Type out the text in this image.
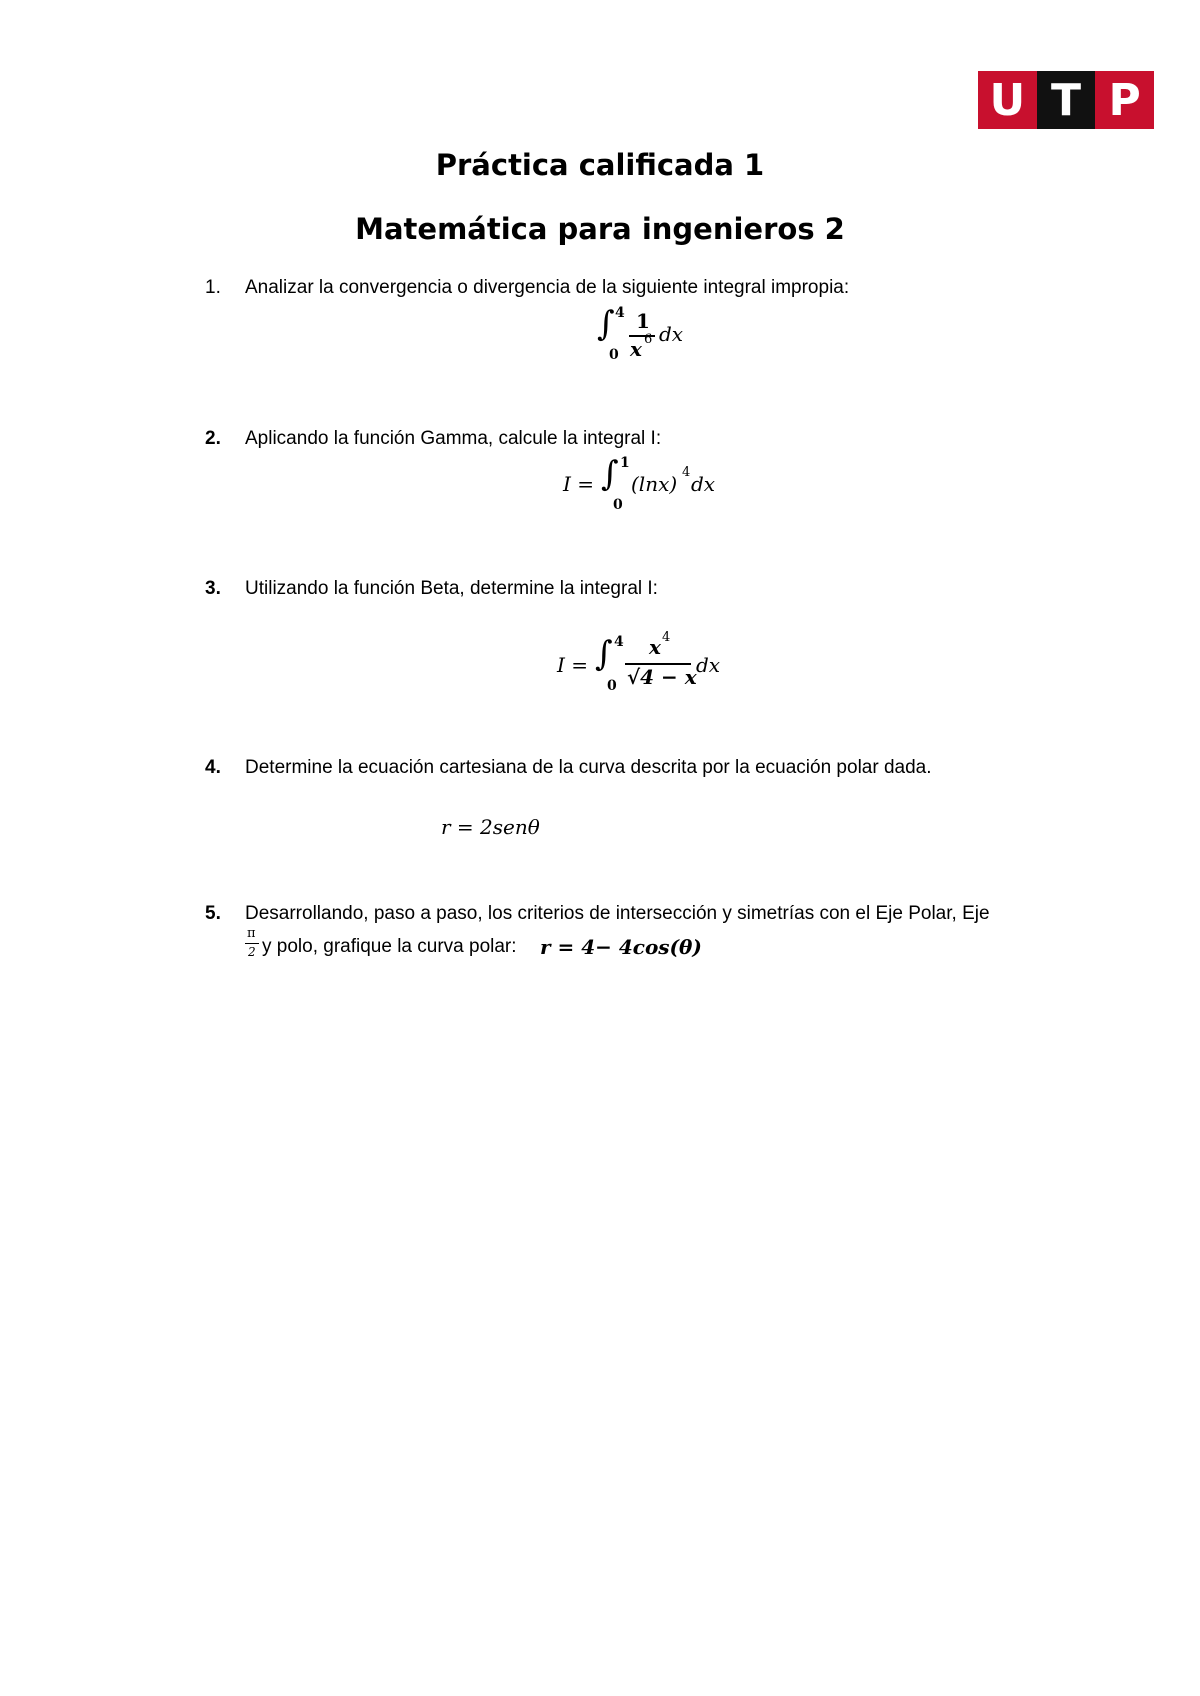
U T P
Práctica calificada 1
Matemática para ingenieros 2
1.	Analizar la convergencia o divergencia de la siguiente integral impropia:
∫ 4
0
1
x 6 dx
2.	Aplicando la función Gamma, calcule la integral I:
I = ∫ 1
0
(lnx) 4 dx
3.	Utilizando la función Beta, determine la integral I:
I = ∫ 4
0
x 4
√4 − x dx
4.	Determine la ecuación cartesiana de la curva descrita por la ecuación polar dada.
r = 2senθ
5.	Desarrollando, paso a paso, los criterios de intersección y simetrías con el Eje Polar, Eje
π
2 y polo, grafique la curva polar: r = 4− 4cos(θ)
